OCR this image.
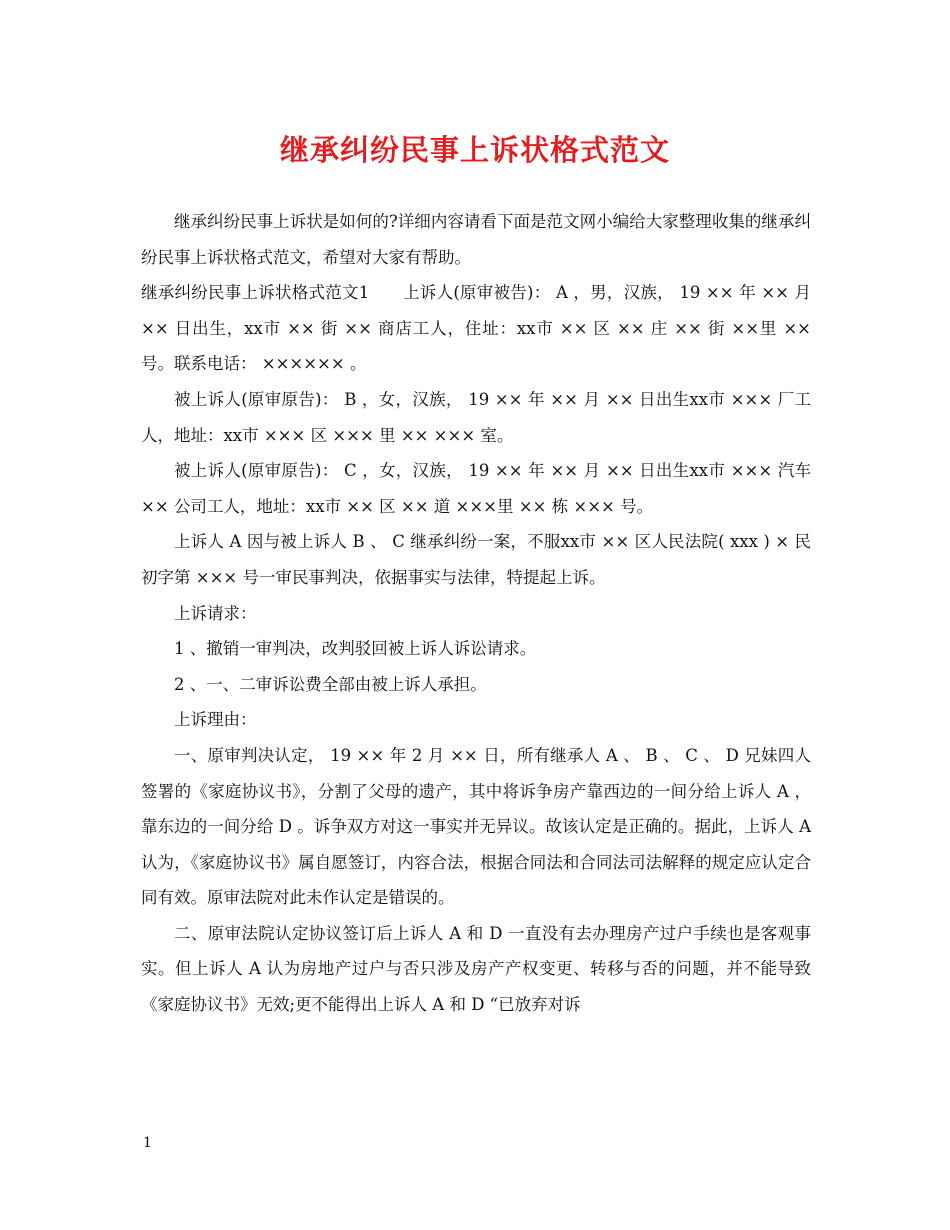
继承纠纷民事上诉状格式范文

继承纠纷民事上诉状是如何的?详细内容请看下面是范文网小编给大家整理收集的继承纠纷民事上诉状格式范文，希望对大家有帮助。

继承纠纷民事上诉状格式范文1　　上诉人(原审被告)： A ，男，汉族， 19 ×× 年 ×× 月 ×× 日出生，xx市 ×× 街 ×× 商店工人，住址：xx市 ×× 区 ×× 庄 ×× 街 ××里 ×× 号。联系电话： ×××××× 。

被上诉人(原审原告)： B ，女，汉族， 19 ×× 年 ×× 月 ×× 日出生xx市 ××× 厂工人，地址：xx市 ××× 区 ××× 里 ×× ××× 室。

被上诉人(原审原告)： C ，女，汉族， 19 ×× 年 ×× 月 ×× 日出生xx市 ××× 汽车 ×× 公司工人，地址：xx市 ×× 区 ×× 道 ×××里 ×× 栋 ××× 号。

上诉人 A 因与被上诉人 B 、 C 继承纠纷一案，不服xx市 ×× 区人民法院( xxx ) × 民初字第 ××× 号一审民事判决，依据事实与法律，特提起上诉。

上诉请求：

1 、撤销一审判决，改判驳回被上诉人诉讼请求。

2 、一、二审诉讼费全部由被上诉人承担。

上诉理由：

一、原审判决认定， 19 ×× 年 2 月 ×× 日，所有继承人 A 、 B 、 C 、 D 兄妹四人签署的《家庭协议书》，分割了父母的遗产，其中将诉争房产靠西边的一间分给上诉人 A ，靠东边的一间分给 D 。诉争双方对这一事实并无异议。故该认定是正确的。据此，上诉人 A 认为，《家庭协议书》属自愿签订，内容合法，根据合同法和合同法司法解释的规定应认定合同有效。原审法院对此未作认定是错误的。

二、原审法院认定协议签订后上诉人 A 和 D 一直没有去办理房产过户手续也是客观事实。但上诉人 A 认为房地产过户与否只涉及房产产权变更、转移与否的问题，并不能导致《家庭协议书》无效;更不能得出上诉人 A 和 D “已放弃对诉

1
